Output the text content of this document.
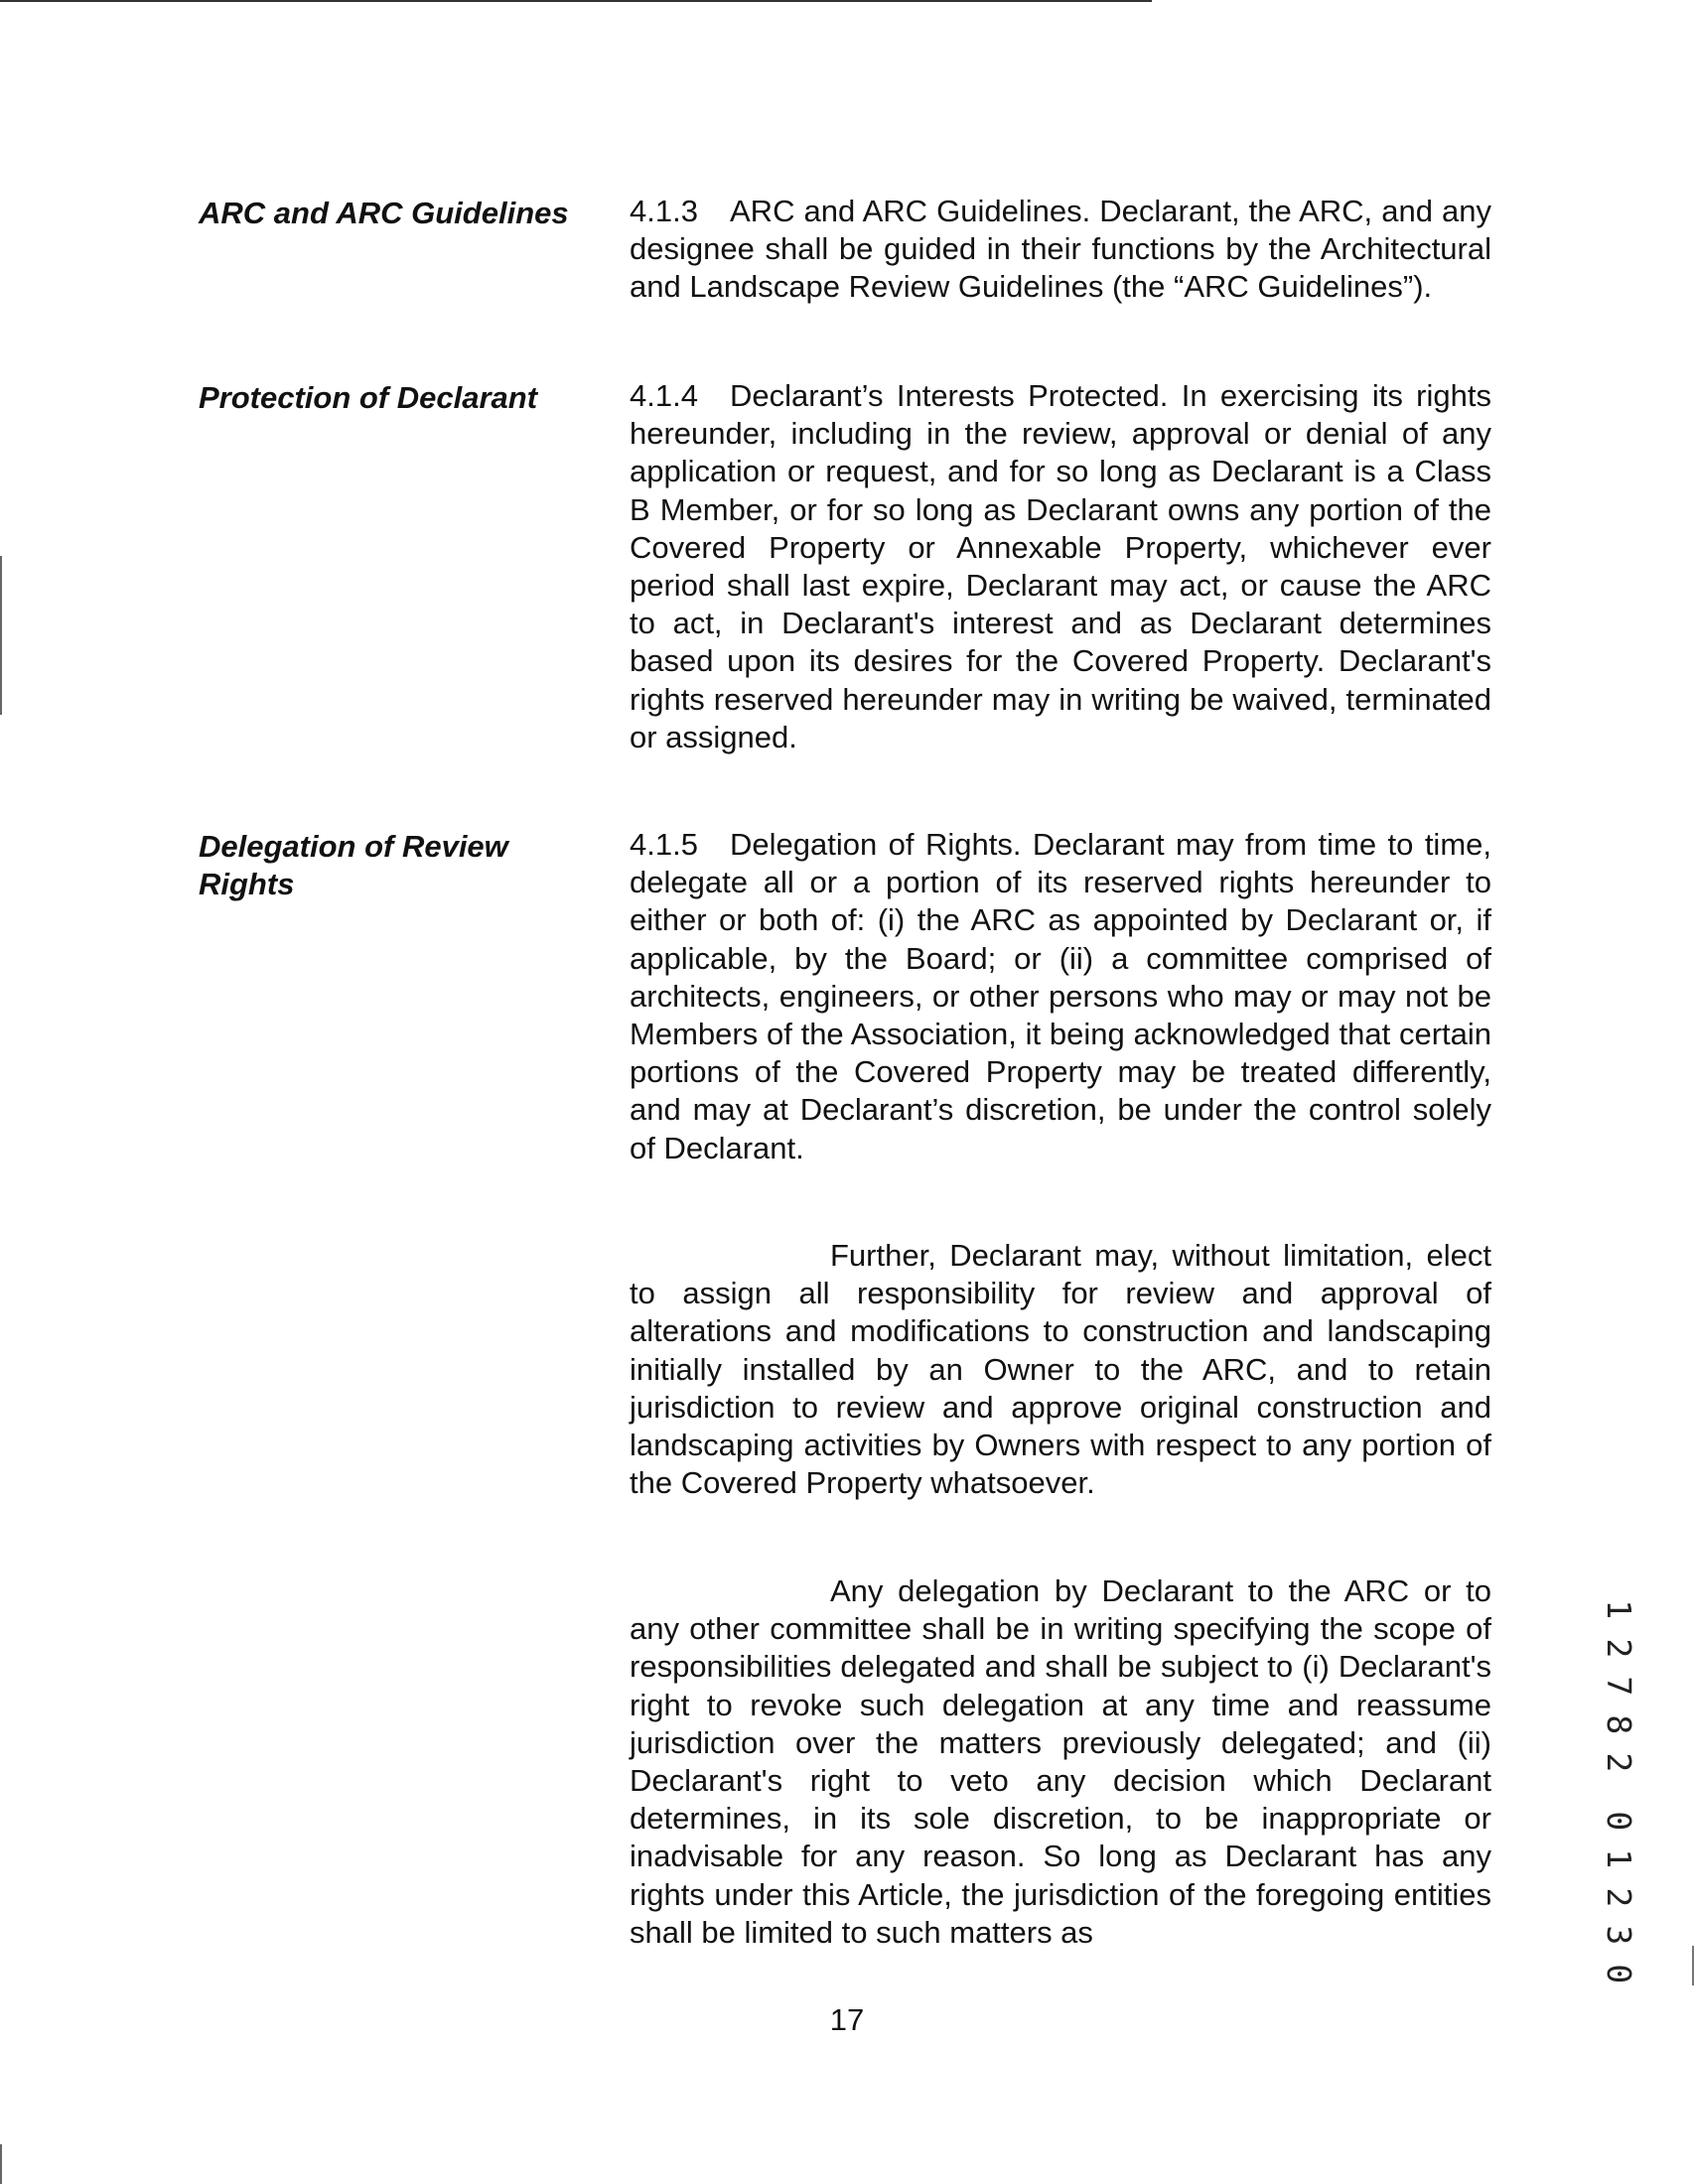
ARC and ARC Guidelines	4.1.3 ARC and ARC Guidelines. Declarant, the ARC, and any designee shall be guided in their functions by the Architectural and Landscape Review Guidelines (the “ARC Guidelines”).

Protection of Declarant	4.1.4 Declarant’s Interests Protected. In exercising its rights hereunder, including in the review, approval or denial of any application or request, and for so long as Declarant is a Class B Member, or for so long as Declarant owns any portion of the Covered Property or Annexable Property, whichever ever period shall last expire, Declarant may act, or cause the ARC to act, in Declarant's interest and as Declarant determines based upon its desires for the Covered Property. Declarant's rights reserved hereunder may in writing be waived, terminated or assigned.

Delegation of Review Rights

4.1.5 Delegation of Rights. Declarant may from time to time, delegate all or a portion of its reserved rights hereunder to either or both of: (i) the ARC as appointed by Declarant or, if applicable, by the Board; or (ii) a committee comprised of architects, engineers, or other persons who may or may not be Members of the Association, it being acknowledged that certain portions of the Covered Property may be treated differently, and may at Declarant’s discretion, be under the control solely of Declarant.

Further, Declarant may, without limitation, elect to assign all responsibility for review and approval of alterations and modifications to construction and landscaping initially installed by an Owner to the ARC, and to retain jurisdiction to review and approve original construction and landscaping activities by Owners with respect to any portion of the Covered Property whatsoever.

Any delegation by Declarant to the ARC or to any other committee shall be in writing specifying the scope of responsibilities delegated and shall be subject to (i) Declarant's right to revoke such delegation at any time and reassume jurisdiction over the matters previously delegated; and (ii) Declarant's right to veto any decision which Declarant determines, in its sole discretion, to be inappropriate or inadvisable for any reason. So long as Declarant has any rights under this Article, the jurisdiction of the foregoing entities shall be limited to such matters as

17
1
2
7
8
2
0
1
2
3
0
